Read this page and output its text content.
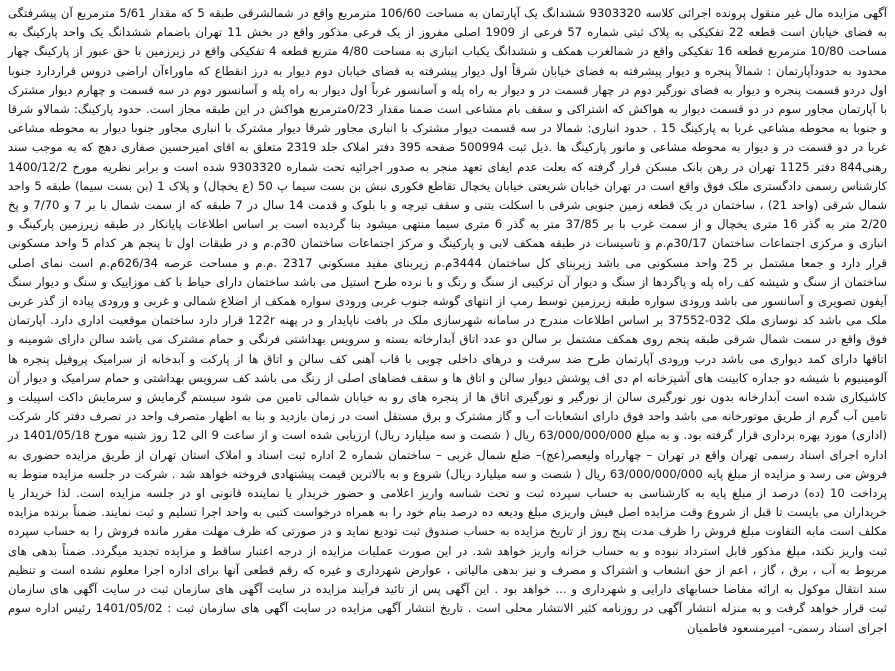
آگهی مزایده مال غیر منقول پرونده اجرائی کلاسه 9303320 ششدانگ یک آپارتمان به مساحت 106/60 مترمربع واقع در شمالشرقی طبقه 5 که مقدار 5/61 مترمربع آن پیشرفتگی به فضای خیابان است قطعه 22 تفکیکی به پلاک ثبتی شماره 57 فرعی از 1909 اصلی مفروز از یک فرعی مذکور واقع در بخش 11 تهران باضمام ششدانگ یک واحد پارکینگ به مساحت 10/80 مترمربع قطعه 16 تفکیکی واقع در شمالغرب همکف و ششدانگ یکباب انباری به مساحت 4/80 متربع قطعه 4 تفکیکی واقع در زیرزمین با حق عبور از پارکینگ چهار محدود به حدودآپارتمان : شمالاً پنجره و دیوار پیشرفته به فضای خیابان شرقاً اول دیوار پیشرفته به فضای خیابان دوم دیوار به درز انقطاع که ماوراءآن اراضی دروس قراردارد جنوبا اول دردو قسمت پنجره و دیوار به فضای نورگیر دوم در چهار قسمت در و دیوار به راه پله و آسانسور غرباً اول دیوار به راه پله و آسانسور دوم در سه قسمت و چهارم دیوار مشترک با آپارتمان مجاور سوم در دو قسمت دیوار به هواکش که اشتراکی و سقف بام مشاعی است ضمنا مقدار 0/23مترمربع هواکش در این طبقه مجاز است. حدود پارکینگ: شمالاو شرقا و جنوبا به محوطه مشاعی غربا به پارکینگ 15 . حدود انباری: شمالا در سه قسمت دیوار مشترک با انباری مجاور شرقا دیوار مشترک با انباری مجاور جنوبا دیوار به محوطه مشاعی غربا در دو قسمت در و دیوار به محوطه مشاعی و مانور پارکینگ ها .ذیل ثبت 500994 صفحه 395 دفتر املاک جلد 2319 متعلق به اقای امیرحسین صفاری دهچ که به موجب سند رهنی844 دفتر 1125 تهران در رهن بانک مسکن قرار گرفته که بعلت عدم ایفای تعهد منجر به صدور اجرائیه تحت شماره 9303320 شده است و برابر نظریه مورخ 1400/12/2 کارشناس رسمی دادگستری ملک فوق واقع است در تهران خیابان شریعتی خیابان یخچال تقاطع فکوری نبش بن بست سیما پ 50 (ع یخچال) و پلاک 1 (بن بست سیما) طبقه 5 واحد شمال شرقی (واحد 21) ، ساختمان در یک قطعه زمین جنوبی شرقی با اسکلت بتنی و سقف تیرچه و با بلوک و قدمت 14 سال در 7 طبقه که از سمت شمال با بر 7 و 7/70 و پخ 2/20 متر به گذر 16 متری یخچال و از سمت غرب با بر 37/85 متر به گذر 6 متری سیما منتهی میشود بنا گردیده است بر اساس اطلاعات پایانکار در طبقه زیرزمین پارکینگ و انباری و مرکزی اجتماعات ساختمان 30/17م.م و تاسیسات در طبقه همکف لابی و پارکینگ و مرکز اجتماعات ساختمان 30م.م و در طبقات اول تا پنجم هر کدام 5 واحد مسکونی قرار دارد و جمعا مشتمل بر 25 واحد مسکونی می باشد زیربنای کل ساختمان 3444م.م زیربنای مفید مسکونی 2317 .م.م و مساحت عرصه 626/34م.م است نمای اصلی ساختمان از سنگ و شیشه کف راه پله و پاگردها از سنگ و دیوار آن ترکیبی از سنگ و رنگ و با نرده طرح استیل می باشد ساختمان دارای حیاط با کف موزاییک و سنگ و دیوار سنگ آیفون تصویری و آسانسور می باشد ورودی سواره طبقه زیرزمین توسط رمپ از انتهای گوشه جنوب غربی ورودی سواره همکف از اضلاع شمالی و غربی و ورودی پیاده از گذر غربی ملک می باشد کد نوسازی ملک 032-37552 بر اساس اطلاعات مندرج در سامانه شهرسازی ملک در بافت ناپایدار و در پهنه 122r قرار دارد ساختمان موقعیت اداری دارد. آپارتمان فوق واقع در سمت شمال شرقی طبقه پنجم روی همکف مشتمل بر سالن دو عدد اتاق آبدارخانه بسته و سرویس بهداشتی فرنگی و حمام مشترک می باشد سالن دارای شومینه و اتاقها دارای کمد دیواری می باشد درب ورودی آپارتمان طرح ضد سرقت و درهای داخلی چوبی با قاب آهنی کف سالن و اتاق ها از پارکت و آبدخانه از سرامیک پروفیل پنجره ها آلومینیوم با شیشه دو جداره کابینت های آشپزخانه ام دی اف پوشش دیوار سالن و اتاق ها و سقف فضاهای اصلی از رنگ می باشد کف سرویس بهداشتی و حمام سرامیک و دیوار آن کاشیکاری شده است آبدارخانه بدون نور نورگیری سالن از نورگیر و نورگیری اتاق ها از پنجره های رو به خیابان شمالی تامین می شود سیستم گرمایش و سرمایش داکت اسپیلت و تامین آب گرم از طریق موتورخانه می باشد واحد فوق دارای انشعابات آب و گاز مشترک و برق مستقل است در زمان بازدید و بنا به اظهار متصرف واحد در تصرف دفتر کار شرکت (اداری) مورد بهره برداری قرار گرفته بود. و به مبلغ 63/000/000/000 ریال ( شصت و سه میلیارد ریال) ارزیابی شده است و از ساعت 9 الی 12 روز شنبه مورخ 1401/05/18 در اداره اجرای اسناد رسمی تهران واقع در تهران – چهارراه ولیعصر(عج)– ضلع شمال غربی – ساختمان شماره 2 اداره ثبت اسناد و املاک استان تهران از طریق مزایده حضوری به فروش می رسد و مزایده از مبلغ پایه 63/000/000/000 ریال ( شصت و سه میلیارد ریال) شروع و به بالاترین قیمت پیشنهادی فروخته خواهد شد . شرکت در جلسه مزایده منوط به پرداخت 10 (ده) درصد از مبلغ پایه به کارشناسی به حساب سپرده ثبت و تحت شناسه واریز اعلامی و حضور خریدار یا نماینده قانونی او در جلسه مزایده است. لذا خریدار یا خریداران می بایست تا قبل از شروع وقت مزایده اصل فیش واریزی مبلغ ودیعه ده درصد بنام خود را به همراه درخواست کتبی به واحد اجرا تسلیم و ثبت نمایند. ضمناً برنده مزایده مکلف است مابه التفاوت مبلغ فروش را ظرف مدت پنج روز از تاریخ مزایده به حساب صندوق ثبت تودیع نماید و در صورتی که ظرف مهلت مقرر مانده فروش را به حساب سپرده ثبت واریز نکند، مبلغ مذکور قابل استرداد نبوده و به حساب خزانه واریز خواهد شد. در این صورت عملیات مزایده از درجه اعتبار ساقط و مزایده تجدید میگردد. ضمناً بدهی های مربوط به آب ، برق ، گاز ، اعم از حق انشعاب و اشتراک و مصرف و نیز بدهی مالیاتی ، عوارض شهرداری و غیره که رقم قطعی آنها برای اداره اجرا معلوم نشده است و تنظیم سند انتقال موکول به ارائه مفاصا حسابهای دارایی و شهرداری و ... خواهد بود . این آگهی پس از تائید فرآیند مزایده در سایت آگهی های سازمان ثبت در سایت آگهی های سازمان ثبت قرار خواهد گرفت و به منزله انتشار آگهی در روزنامه کثیر الانتشار محلی است . تاریخ انتشار آگهی مزایده در سایت آگهی های سازمان ثبت : 1401/05/02 رئیس اداره سوم اجرای اسناد رسمی- امیرمسعود فاطمیان
